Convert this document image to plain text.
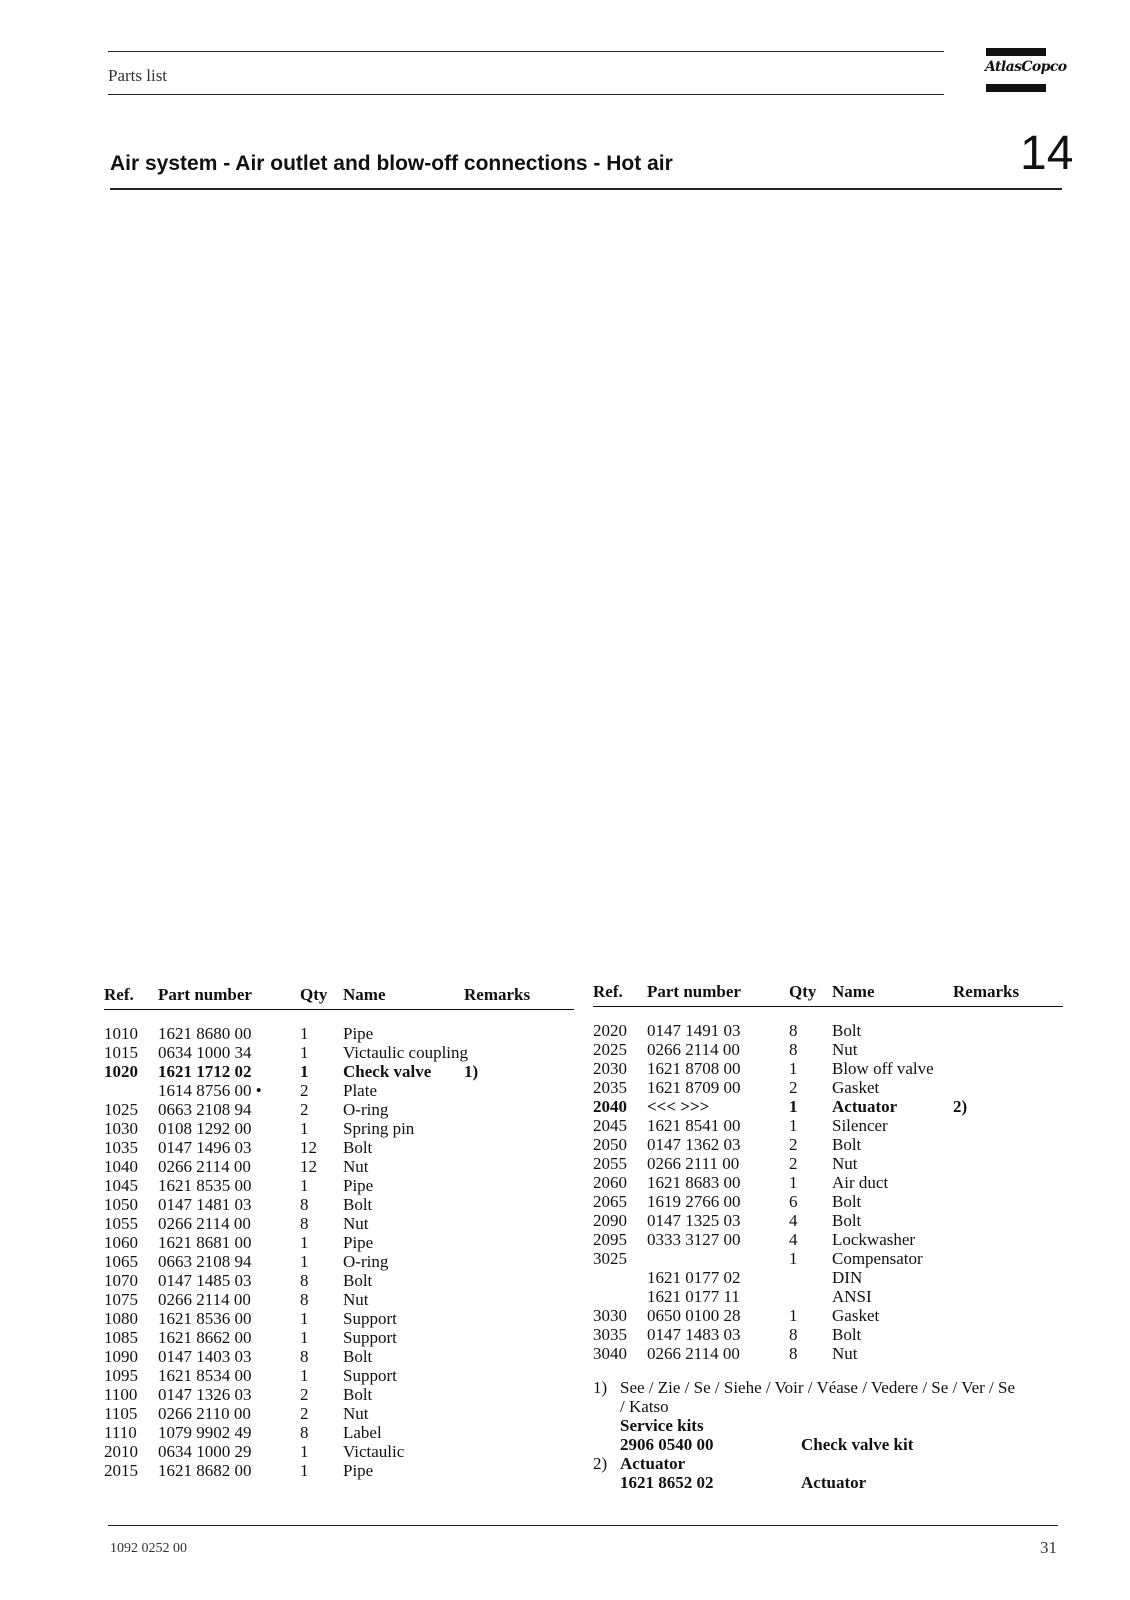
Parts list	AtlasCopco
Air system - Air outlet and blow-off connections - Hot air	14
Ref. Part number	Qty Name	Remarks
1010 1621 8680 00	1 Pipe
1015 0634 1000 34	1 Victaulic coupling
1020 1621 1712 02	1 Check valve 1)
1614 8756 00 • 2 Plate
1025 0663 2108 94	2 O-ring
1030 0108 1292 00	1 Spring pin
1035 0147 1496 03	12 Bolt
1040 0266 2114 00	12 Nut
1045 1621 8535 00	1 Pipe
1050 0147 1481 03	8 Bolt
1055 0266 2114 00	8 Nut
1060 1621 8681 00	1 Pipe
1065 0663 2108 94	1 O-ring
1070 0147 1485 03	8 Bolt
1075 0266 2114 00	8 Nut
1080 1621 8536 00	1 Support
1085 1621 8662 00	1 Support
1090 0147 1403 03	8 Bolt
1095 1621 8534 00	1 Support
1100 0147 1326 03	2 Bolt
1105 0266 2110 00	2 Nut
1110 1079 9902 49	8 Label
2010 0634 1000 29	1 Victaulic
2015 1621 8682 00	1 Pipe
Ref. Part number	Qty Name	Remarks
2020 0147 1491 03	8 Bolt
2025 0266 2114 00	8 Nut
2030 1621 8708 00	1 Blow off valve
2035 1621 8709 00	2 Gasket
2040 <<< >>>	1 Actuator	2)
2045 1621 8541 00	1 Silencer
2050 0147 1362 03	2 Bolt
2055 0266 2111 00	2 Nut
2060 1621 8683 00	1 Air duct
2065 1619 2766 00	6 Bolt
2090 0147 1325 03	4 Bolt
2095 0333 3127 00	4 Lockwasher
3025	1 Compensator
1621 0177 02	DIN
1621 0177 11	ANSI
3030 0650 0100 28	1 Gasket
3035 0147 1483 03	8 Bolt
3040 0266 2114 00	8 Nut
1) See / Zie / Se / Siehe / Voir / Véase / Vedere / Se / Ver / Se
/ Katso
Service kits
2906 0540 00	Check valve kit
2) Actuator
1621 8652 02	Actuator
1092 0252 00	31
